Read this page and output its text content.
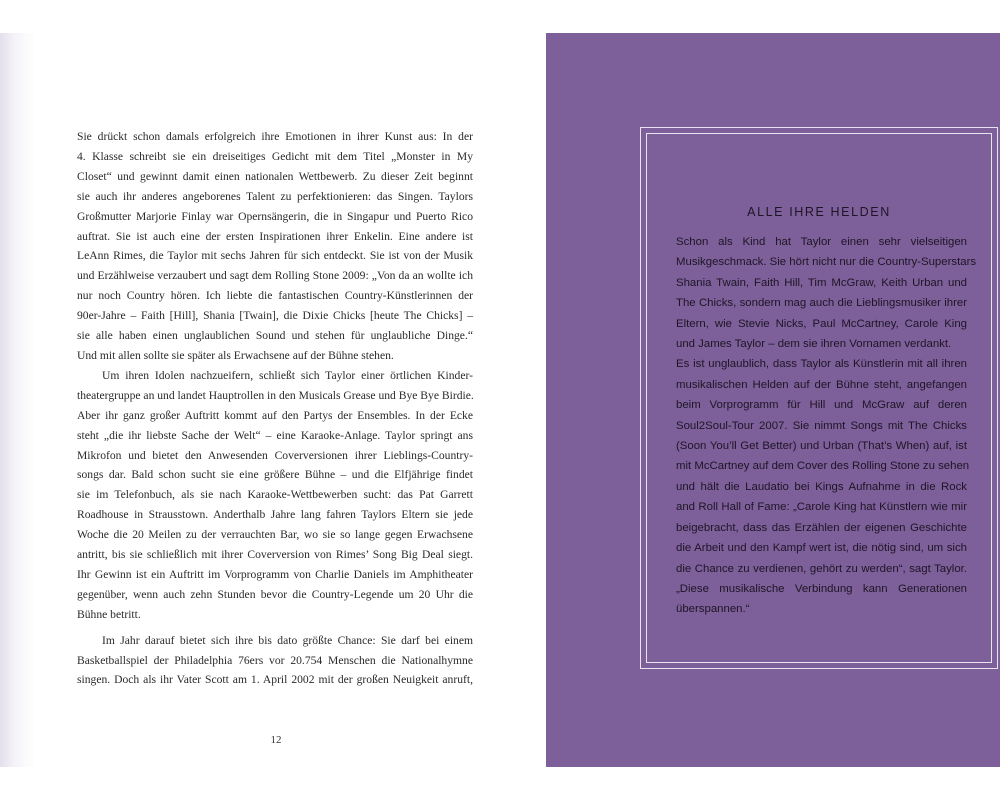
Sie drückt schon damals erfolgreich ihre Emotionen in ihrer Kunst aus: In der
4. Klasse schreibt sie ein dreiseitiges Gedicht mit dem Titel „Monster in My
Closet“ und gewinnt damit einen nationalen Wettbewerb. Zu dieser Zeit beginnt
sie auch ihr anderes angeborenes Talent zu perfektionieren: das Singen. Taylors
Großmutter Marjorie Finlay war Opernsängerin, die in Singapur und Puerto Rico
auftrat. Sie ist auch eine der ersten Inspirationen ihrer Enkelin. Eine andere ist
LeAnn Rimes, die Taylor mit sechs Jahren für sich entdeckt. Sie ist von der Musik
und Erzählweise verzaubert und sagt dem Rolling Stone 2009: „Von da an wollte ich
nur noch Country hören. Ich liebte die fantastischen Country-Künstlerinnen der
90er-Jahre – Faith [Hill], Shania [Twain], die Dixie Chicks [heute The Chicks] –
sie alle haben einen unglaublichen Sound und stehen für unglaubliche Dinge.“
Und mit allen sollte sie später als Erwachsene auf der Bühne stehen.
Um ihren Idolen nachzueifern, schließt sich Taylor einer örtlichen Kinder-
theatergruppe an und landet Hauptrollen in den Musicals Grease und Bye Bye Birdie.
Aber ihr ganz großer Auftritt kommt auf den Partys der Ensembles. In der Ecke
steht „die ihr liebste Sache der Welt“ – eine Karaoke-Anlage. Taylor springt ans
Mikrofon und bietet den Anwesenden Coverversionen ihrer Lieblings-Country-
songs dar. Bald schon sucht sie eine größere Bühne – und die Elfjährige findet
sie im Telefonbuch, als sie nach Karaoke-Wettbewerben sucht: das Pat Garrett
Roadhouse in Strausstown. Anderthalb Jahre lang fahren Taylors Eltern sie jede
Woche die 20 Meilen zu der verrauchten Bar, wo sie so lange gegen Erwachsene
antritt, bis sie schließlich mit ihrer Coverversion von Rimes’ Song Big Deal siegt.
Ihr Gewinn ist ein Auftritt im Vorprogramm von Charlie Daniels im Amphitheater
gegenüber, wenn auch zehn Stunden bevor die Country-Legende um 20 Uhr die
Bühne betritt.
Im Jahr darauf bietet sich ihre bis dato größte Chance: Sie darf bei einem
Basketballspiel der Philadelphia 76ers vor 20.754 Menschen die Nationalhymne
singen. Doch als ihr Vater Scott am 1. April 2002 mit der großen Neuigkeit anruft,
12
ALLE IHRE HELDEN
Schon als Kind hat Taylor einen sehr vielseitigen
Musikgeschmack. Sie hört nicht nur die Country-Superstars
Shania Twain, Faith Hill, Tim McGraw, Keith Urban und
The Chicks, sondern mag auch die Lieblingsmusiker ihrer
Eltern, wie Stevie Nicks, Paul McCartney, Carole King
und James Taylor – dem sie ihren Vornamen verdankt.
Es ist unglaublich, dass Taylor als Künstlerin mit all ihren
musikalischen Helden auf der Bühne steht, angefangen
beim Vorprogramm für Hill und McGraw auf deren
Soul2Soul-Tour 2007. Sie nimmt Songs mit The Chicks
(Soon You’ll Get Better) und Urban (That’s When) auf, ist
mit McCartney auf dem Cover des Rolling Stone zu sehen
und hält die Laudatio bei Kings Aufnahme in die Rock
and Roll Hall of Fame: „Carole King hat Künstlern wie mir
beigebracht, dass das Erzählen der eigenen Geschichte
die Arbeit und den Kampf wert ist, die nötig sind, um sich
die Chance zu verdienen, gehört zu werden“, sagt Taylor.
„Diese musikalische Verbindung kann Generationen
überspannen.“
